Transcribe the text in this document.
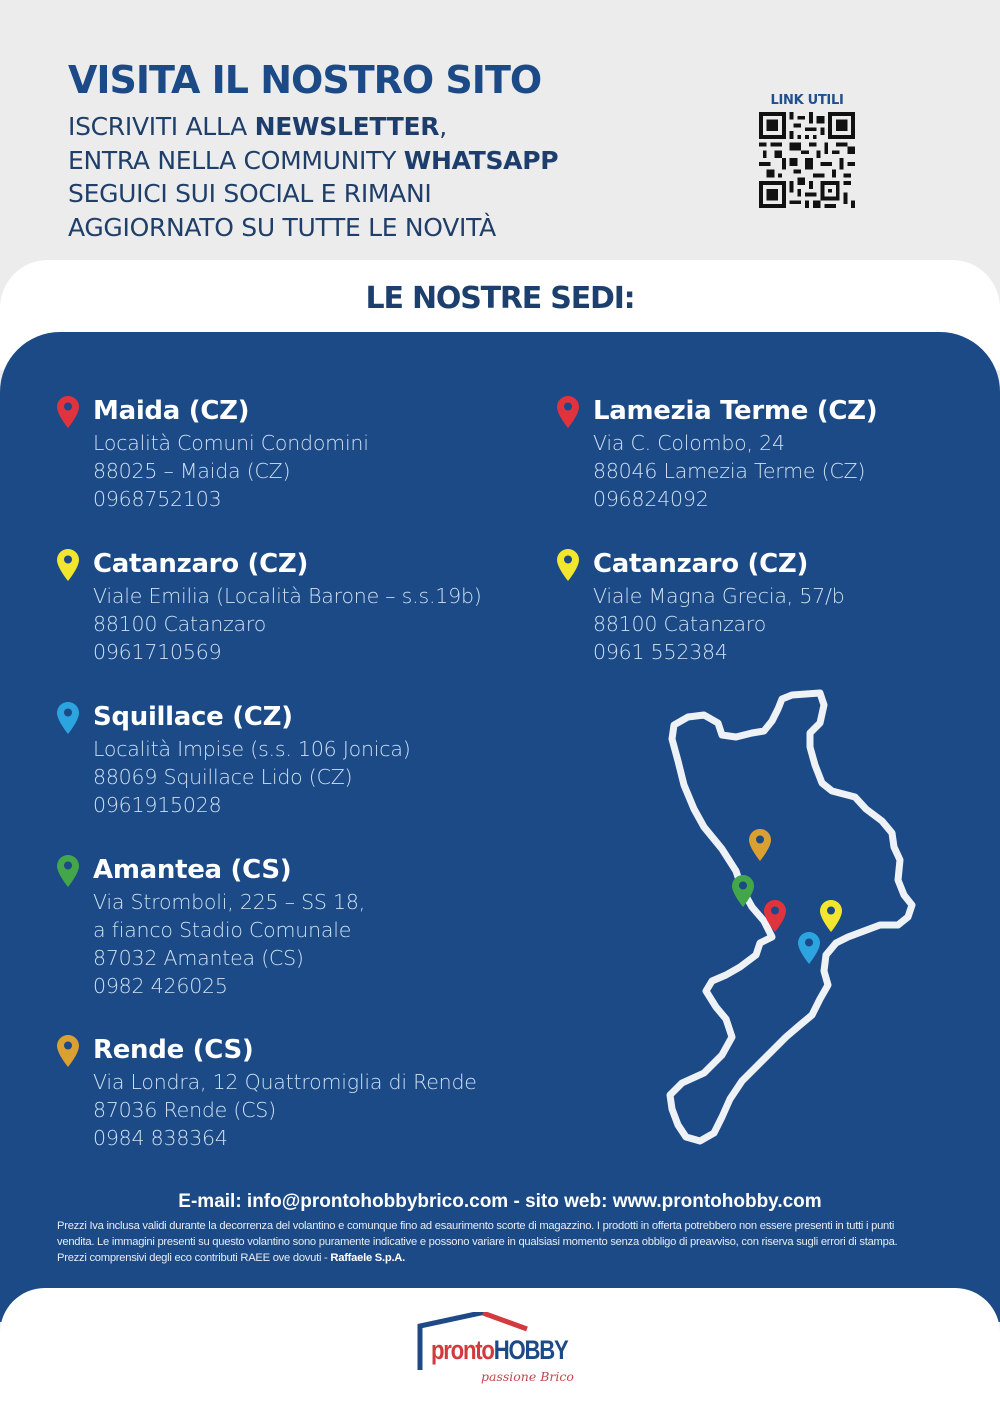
VISITA IL NOSTRO SITO
ISCRIVITI ALLA NEWSLETTER,
ENTRA NELLA COMMUNITY WHATSAPP
SEGUICI SUI SOCIAL E RIMANI
AGGIORNATO SU TUTTE LE NOVITÀ
LINK UTILI
LE NOSTRE SEDI:
Maida (CZ)
Località Comuni Condomini
88025 – Maida (CZ)
0968752103
Lamezia Terme (CZ)
Via C. Colombo, 24
88046 Lamezia Terme (CZ)
096824092
Catanzaro (CZ)
Viale Emilia (Località Barone – s.s.19b)
88100 Catanzaro
0961710569
Catanzaro (CZ)
Viale Magna Grecia, 57/b
88100 Catanzaro
0961 552384
Squillace (CZ)
Località Impise (s.s. 106 Jonica)
88069 Squillace Lido (CZ)
0961915028
Amantea (CS)
Via Stromboli, 225 – SS 18,
a fianco Stadio Comunale
87032 Amantea (CS)
0982 426025
Rende (CS)
Via Londra, 12 Quattromiglia di Rende
87036 Rende (CS)
0984 838364
E-mail: info@prontohobbybrico.com - sito web: www.prontohobby.com
Prezzi Iva inclusa validi durante la decorrenza del volantino e comunque fino ad esaurimento scorte di magazzino. I prodotti in offerta potrebbero non essere presenti in tutti i punti
vendita. Le immagini presenti su questo volantino sono puramente indicative e possono variare in qualsiasi momento senza obbligo di preavviso, con riserva sugli errori di stampa.
Prezzi comprensivi degli eco contributi RAEE ove dovuti - Raffaele S.p.A.
prontoHOBBY
passione Brico
